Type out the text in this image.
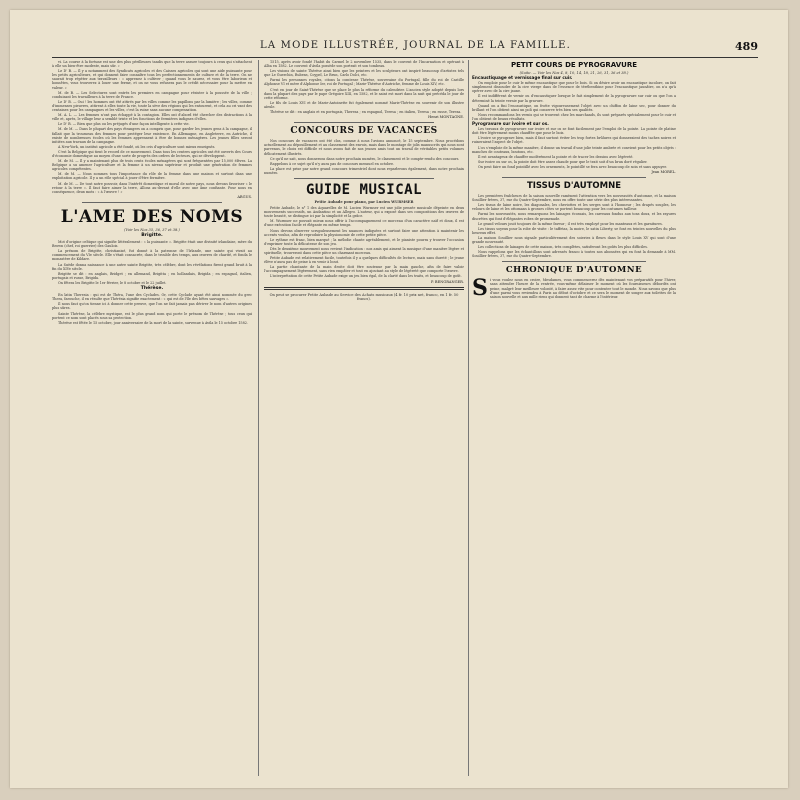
LA MODE ILLUSTRÉE, JOURNAL DE LA FAMILLE.	489

vi. La course à la fortune est une des plus périlleuses tandis que la terre assure toujours à ceux qui s'attachent à elle un bien-être modeste, mais sûr. »

Le D' B. — Il y a notamment des Syndicats agricoles et des Caisses agricoles qui sont une aide puissante pour les petits agriculteurs, et qui donnent faire connaître tous les perfectionnements de culture et de la terre. On ne saurait trop répéter aux travailleurs : « apprenez à cultiver ; quand vous le saurez, et vous être laborieux et honnêtes, vous trouverez à louer une ferme, et on ne vous refusera pas le crédit nécessaire pour la mettre en valeur. »

M. de B. — Les Selectures sont entrés les premiers en campagne pour résister à la poussée de la ville ; conduisant les travailleurs à la terre de France.

Le D' B. — Oui ! les hommes ont été attirés par les villes comme les papillons par la lumière ; les villes, comme d'immenses pieuvres, attirent à elles toute la vie, toute la sève des régions qui les entourent, et cela au cri vant des centaines pour les campagnes et les villes, c'est la ruine sans aucune compensation.

M. A. L. — Les femmes n'ont pas échappé à la contagion. Elles ont d'abord été chercher des distractions à la ville et, après, le village leur a semblé triste et les fonctions de fermières indignes d'elles.

Le D' B. — Bien que plus ou les préjugés d'une façon intelligente à cette vie.

M. de M. — Dans le plupart des pays étrangers on a compris que, pour garder les jeunes gens à la campagne, il fallait que la trousseau des femmes pour protéger leur existence. En Allemagne, en Angleterre, en Autriche, il existe de nombreuses écoles où les femmes apprennent à être de bonnes ménagères. Les jeunes filles seront initiées aux travaux de la campagne.

A New-York, un institut agricole a été fondé, où les cris d'agriculture sont mieux enseignés.

C'est la Belgique qui tient le record de ce mouvement. Dans tous les centres agricoles ont été ouverts des Cours d'économie domestique au moyen d'une sorte de progrès des ordres de lecteurs, qui se développent.

M. de M. — Il y a maintenant plus de trois cents écoles ménagères qui sont fréquentées par 15,000 élèves. La Belgique a su amener l'agriculture et la femme à un niveau supérieur et produit une génération de femmes agricoles compétentes.

M. de M. — Nous sommes tous l'importance du rôle de la femme dans une maison et surtout dans une exploitation agricole. Il y a un rôle spécial à jouer d'être fermière.

M. de M. — De tout notre pouvoir, dans l'intérêt domestique et moral de notre pays, nous devons favoriser « le retour à la terre ». Il faut faire aimer la terre, Allons au-devant d'elle avec une âme confiante. Pour nous en conséquence, deux mots : « à l'œuvre ! »

ARGUS.
L'AME DES NOMS
(Voir les Nos 35, 36, 37 et 38.)
Brigitte.

Mot d'origine celtique qui signifie littéralement : « la puissante ». Brigitte était une divinité irlandaise, mère du Brown (chef, roi guerrier) des Gaulois.

La prénom de Brigitte, christianisé, fut donné à la patronne de l'Irlande, une sainte qui vivait au commencement du VIe siècle. Elle s'était consacrée, dans le trouble des temps, aux œuvres de charité, et fonda le monastère de Kildare.

La Suède donna naissance à une autre sainte Brigitte, très célèbre, dont les révélations firent grand bruit à la fin du XIVe siècle.

Brigitte se dit : en anglais, Bridget ; en allemand, Brigitta ; en hollandais, Brigida ; en espagnol, italien, portugais et russe, Brigida.

On fêtera les Brigitte le 1er février, le 8 octobre et le 22 juillet.

Thérèse.

En latin Theresia : qui est de Théra, l'une des Cyclades. Or, cette Cyclade ayant été ainsi nommée du grec Thera, farouche, il en résulte que Thérésia signifie exactement : « qui est de l'île des bêtes sauvages ».

Il nous faut qu'on tienne ici à donner cette preuve, que l'on ne fait jamais pas dériver le nom d'autres origines plus sûres.

Sainte Thérèse, la célèbre mystique, est le plus grand nom qui porte le prénom de Thérèse ; tous ceux qui portent ce nom sont placés sous sa protection.

Thérèse est fêtée le 15 octobre, jour anniversaire de la mort de la sainte, survenue à Avila le 15 octobre 1582.

1515, après avoir fondé l'habit du Carmel le 2 novembre 1535, dans le couvent de l'Incarnation et opérant à Alba en 1582. Le couvent d'Avila possède son portrait et son tombeau.

Les visions de sainte Thérèse ainsi bien que les peintres et les sculpteurs ont inspiré beaucoup d'artistes tels que Le Guerchin, Rubens, Coypel, Le Brun, Carlo Dolci, etc.

Parmi les personnes royales, citons la comtesse Thérèse, souveraine du Portugal, fille du roi de Castille Alphonse VI et mère d'Alphonse Ier, roi de Portugal ; Marie-Thérèse d'Autriche, femme de Louis XIV, etc.

C'est en jour de Saint-Thérèse que se place le plus la réforme du calendrier. L'ancien style adopté depuis lors dans la plupart des pays par le pape Grégoire XIII, en 1582, et le saint est mort dans la nuit qui précéda le jour de cette réforme.

Le fils de Louis XVI et de Marie-Antoinette fut également nommé Marie-Thérèse en souvenir de son illustre aïeule.

Thérèse se dit : en anglais et en portugais, Theresa ; en espagnol, Teresa ; en italien, Teresa ; en russe, Tereza.

Henri MONTAGNE.
CONCOURS DE VACANCES

Nos concours de vacances ont été clos, comme à nous l'avions annoncé, le 15 septembre. Nous procédons actuellement au dépouillement et au classement des envois, mais dans le montage de jolis manuscrits qui nous sont parvenus, le choix est difficile et nous avons fait de nos jeunes amis tout un travail de véritables petits volumes délicatement illustrés.

Ce qu'il ne sait, nous donnerons dans notre prochain numéro, le classement et le compte-rendu des concours.

Rappelons à ce sujet qu'il n'y aura pas de concours mensuel en octobre.

La place est prise par notre grand concours trimestriel dont nous reparlerons également, dans notre prochain numéro.

GUIDE MUSICAL
Petite Aubade pour piano, par Lucien WURMSER

Petite Aubade, le n° 1 des Aquarelles de M. Lucien Wurmser est une jolie pensée musicale dépeinte en deux mouvements successifs, un Andantino et un Allegro. L'auteur, qui a exposé dans ses compositions des œuvres de toute beauté, se distingue ici par la simplicité et la grâce.

M. Wurmser ne pouvait mieux nous offrir à l'accompagnement ce morceau d'un caractère naïf et doux, il est d'une exécution facile et élégante en même temps.

Nous devons observer scrupuleusement les nuances indiquées et surtout faire une attention à maintenir les accents voulus, afin de reproduire la physionomie de cette petite pièce.

Le rythme est franc, bien marqué ; la mélodie chante agréablement, et le pianiste pourra y trouver l'occasion d'exprimer toute la délicatesse de son jeu.

Dès le deuxième mouvement nous revient l'indication : nos amis qui aiment la musique d'une manière légère et spirituelle, trouveront dans cette pièce un charmant morceau.

Petite Aubade est relativement facile, toutefois il y a quelques difficultés de lecture, mais sans dureté ; le jeune élève n'aura pas de peine à en venir à bout.

La partie chantante de la main droite doit être soutenue par la main gauche, afin de faire valoir l'accompagnement légèrement, sans rien empâter et tout en ajoutant au style de légèreté que comporte l'œuvre.

L'interprétation de cette Petite Aubade exige un jeu bien égal, de la clarté dans les traits, et beaucoup de goût.

P. BENGRANGER.
On peut se procurer Petite Aubade au Service des Achats musicaux (4 fr. 10 prix net, franco, en 1 fr. 50 francs).
PETIT COURS DE PYROGRAVURE
(Suite. — Voir les Nos 4, 8, 10, 14, 18, 21, 26, 31, 36 et 38.)
Encaustiquage et vernissage final sur cuir.

On emploie pour le cuir le même encaustique que pour le bois. Si on désire avoir un encaustique incolore, on fait simplement dissoudre de la cire vierge dans de l'essence de térébenthine pour l'encaustique jaunâtre, on n'a qu'à opérer avec de la cire jaune.

Il est indifférent de vernir ou d'encaustiquer lorsque le fait simplement de la pyrogravure sur cuir ou que l'on a déterminé la teinte vernie par la gravure.

Quand on a fini l'encaustique, on frotte vigoureusement l'objet avec un chiffon de laine sec, pour donner du brillant et l'on obtient ainsi un poli qui conserve très bien ses qualités.

Nous recommandons les vernis qui se trouvent chez les marchands, ils sont préparés spécialement pour le cuir et l'on obtient de beaux résultats.

Pyrogravure sur ivoire et sur os.

Les travaux de pyrogravure sur ivoire et sur os se font facilement par l'emploi de la pointe. La pointe de platine doit être légèrement moins chauffée que pour le bois.

L'ivoire se pyrograve bien, mais il faut surtout éviter les trop fortes brûlures qui donneraient des taches noires et ruineraient l'aspect de l'objet.

L'os s'emploie de la même manière, il donne un travail d'une jolie teinte ambrée et convient pour les petits objets : manches de couteaux, boutons, etc.

Il est avantageux de chauffer modérément la pointe et de tracer les dessins avec légèreté.

Sur ivoire ou sur os, la pointe doit être assez chaude pour que le trait soit d'un brun doré régulier.

On peut faire un fond pointillé avec les ornements, le pointillé se fera avec beaucoup de soin et sans appuyer.

Jean MOREL.
TISSUS D'AUTOMNE

Les premières fraîcheurs de la saison nouvelle ramènent l'attention vers les nouveautés d'automne, et la maison Souillier frères, 37, rue du Quatre-Septembre, nous en offre toute une série des plus intéressantes.

Les tissus de laine noire, les diagonales, les cheviottes et les serges sont à l'honneur ; les drapés souples, les velours de laine et les ottomans à grosses côtes se portent beaucoup pour les costumes tailleur.

Parmi les nouveautés, nous remarquons les lainages écossais, les carreaux fondus aux tons doux, et les rayures discrètes qui font d'élégantes robes de promenade.

Le grand velours jouit toujours de la même faveur ; il est très employé pour les manteaux et les garnitures.

Les tissus soyeux pour la robe de visite : le taffetas, la moire, le satin Liberty, se font en teintes nouvelles du plus heureux effet.

La maison Souillier nous signale particulièrement des soieries à fleurs dans le style Louis XV qui sont d'une grande nouveauté.

Les collections de lainages de cette maison, très complètes, satisferont les goûts les plus difficiles.

Nous rappelons que les échantillons sont adressés franco à toutes nos abonnées qui en font la demande à MM. Souillier frères, 37, rue du Quatre-Septembre.

CHRONIQUE D'AUTOMNE

Si vous voulez nous en croire, Mesdames, vous commencerez dès maintenant vos préparatifs pour l'hiver, sans attendre l'heure de la rentrée, vous-même délaisser le moment où les fournisseurs débordés ont peine, malgré leur meilleure volonté, à faire assez vite pour contenter tout le monde. Nous savons que plus d'une parmi vous reviendra à Paris au début d'octobre et ce sera le moment de songer aux toilettes de la saison nouvelle et aux mille riens qui donnent tant de charme à l'intérieur.
